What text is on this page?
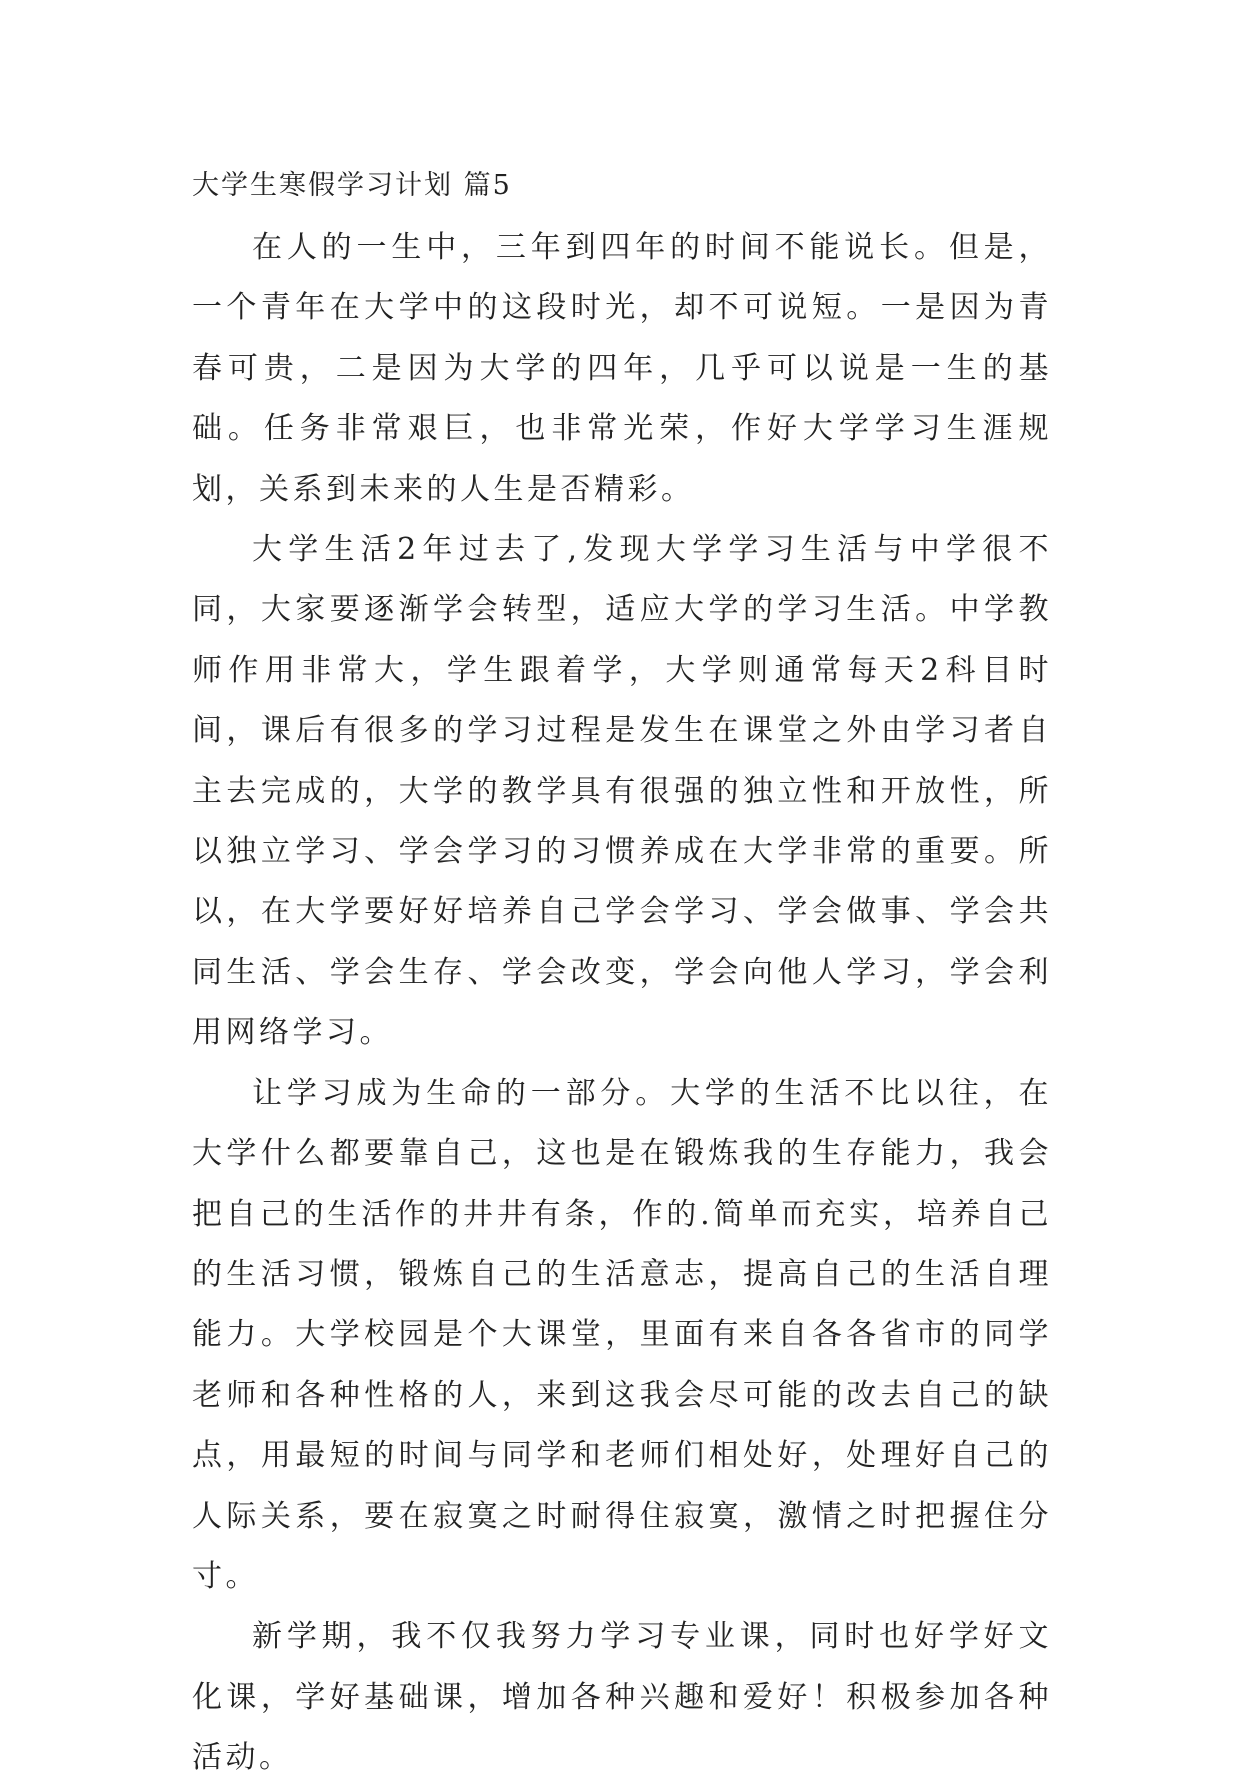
大学生寒假学习计划 篇5

在人的一生中，三年到四年的时间不能说长。但是，一个青年在大学中的这段时光，却不可说短。一是因为青春可贵，二是因为大学的四年，几乎可以说是一生的基础。任务非常艰巨，也非常光荣，作好大学学习生涯规划，关系到未来的人生是否精彩。

大学生活2年过去了,发现大学学习生活与中学很不同，大家要逐渐学会转型，适应大学的学习生活。中学教师作用非常大，学生跟着学，大学则通常每天2科目时间，课后有很多的学习过程是发生在课堂之外由学习者自主去完成的，大学的教学具有很强的独立性和开放性，所以独立学习、学会学习的习惯养成在大学非常的重要。所以，在大学要好好培养自己学会学习、学会做事、学会共同生活、学会生存、学会改变，学会向他人学习，学会利用网络学习。

让学习成为生命的一部分。大学的生活不比以往，在大学什么都要靠自己，这也是在锻炼我的生存能力，我会把自己的生活作的井井有条，作的.简单而充实，培养自己的生活习惯，锻炼自己的生活意志，提高自己的生活自理能力。大学校园是个大课堂，里面有来自各各省市的同学老师和各种性格的人，来到这我会尽可能的改去自己的缺点，用最短的时间与同学和老师们相处好，处理好自己的人际关系，要在寂寞之时耐得住寂寞，激情之时把握住分寸。

新学期，我不仅我努力学习专业课，同时也好学好文化课，学好基础课，增加各种兴趣和爱好！积极参加各种活动。
